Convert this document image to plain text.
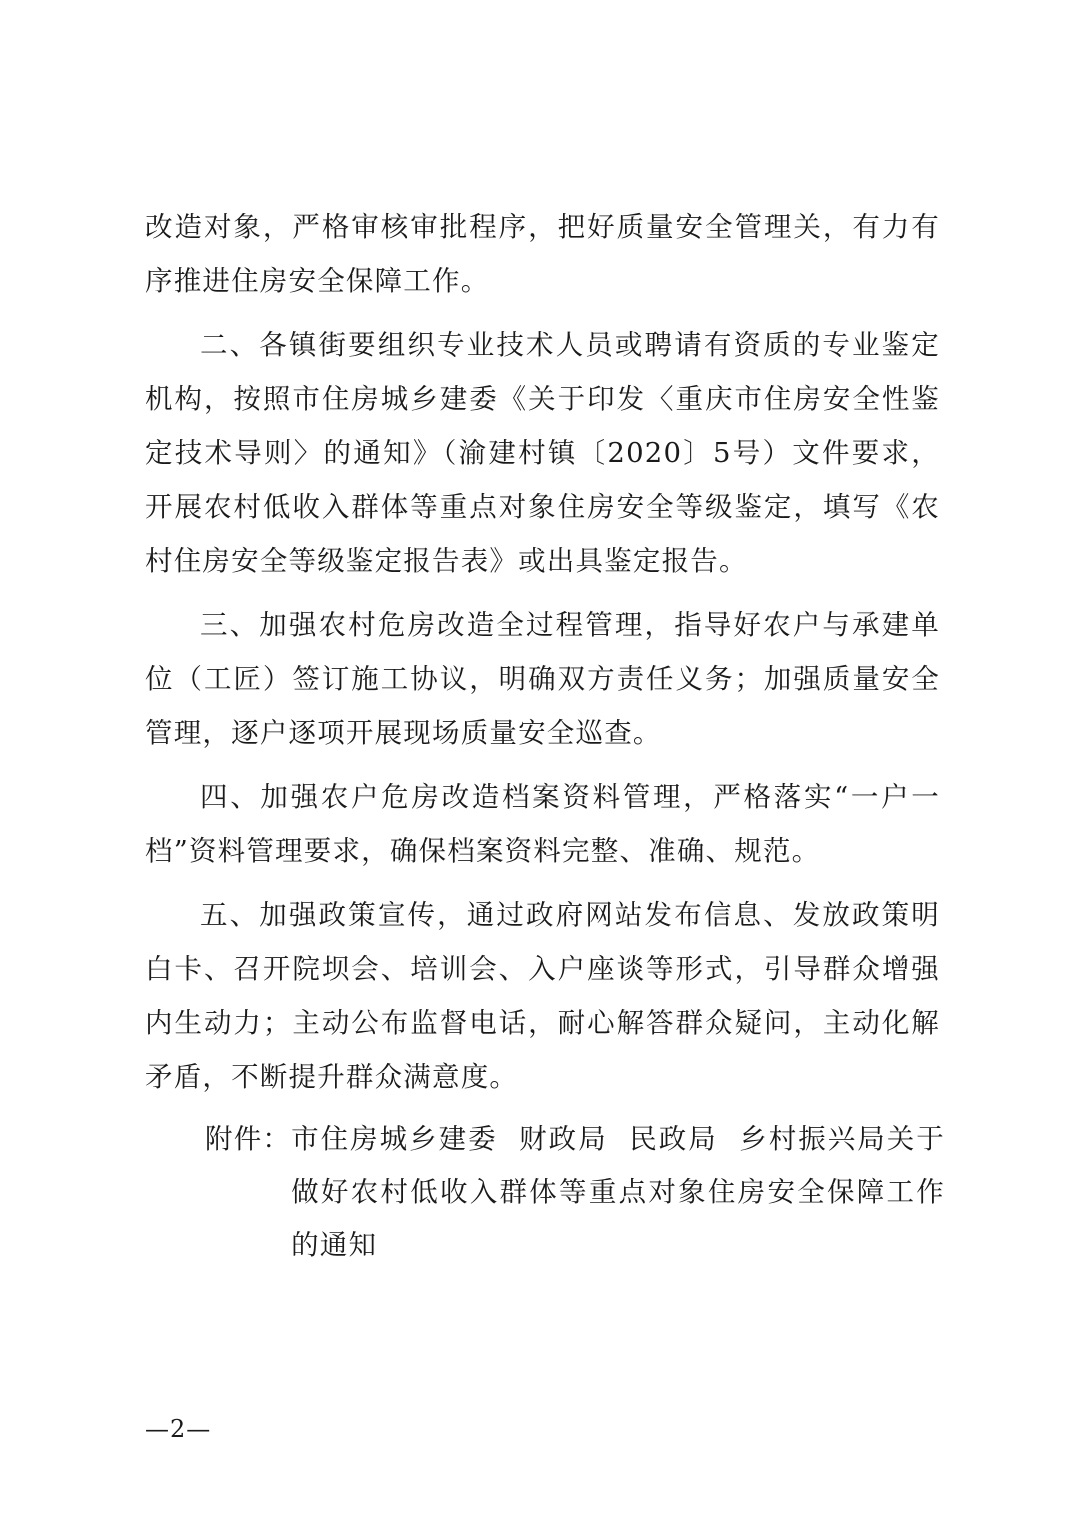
改造对象，严格审核审批程序，把好质量安全管理关，有力有序推进住房安全保障工作。

二、各镇街要组织专业技术人员或聘请有资质的专业鉴定机构，按照市住房城乡建委《关于印发〈重庆市住房安全性鉴定技术导则〉的通知》（渝建村镇〔2020〕5号）文件要求，开展农村低收入群体等重点对象住房安全等级鉴定，填写《农村住房安全等级鉴定报告表》或出具鉴定报告。

三、加强农村危房改造全过程管理，指导好农户与承建单位（工匠）签订施工协议，明确双方责任义务；加强质量安全管理，逐户逐项开展现场质量安全巡查。

四、加强农户危房改造档案资料管理，严格落实“一户一档”资料管理要求，确保档案资料完整、准确、规范。

五、加强政策宣传，通过政府网站发布信息、发放政策明白卡、召开院坝会、培训会、入户座谈等形式，引导群众增强内生动力；主动公布监督电话，耐心解答群众疑问，主动化解矛盾，不断提升群众满意度。

附件： 市住房城乡建委  财政局  民政局  乡村振兴局关于做好农村低收入群体等重点对象住房安全保障工作的通知
—2—
